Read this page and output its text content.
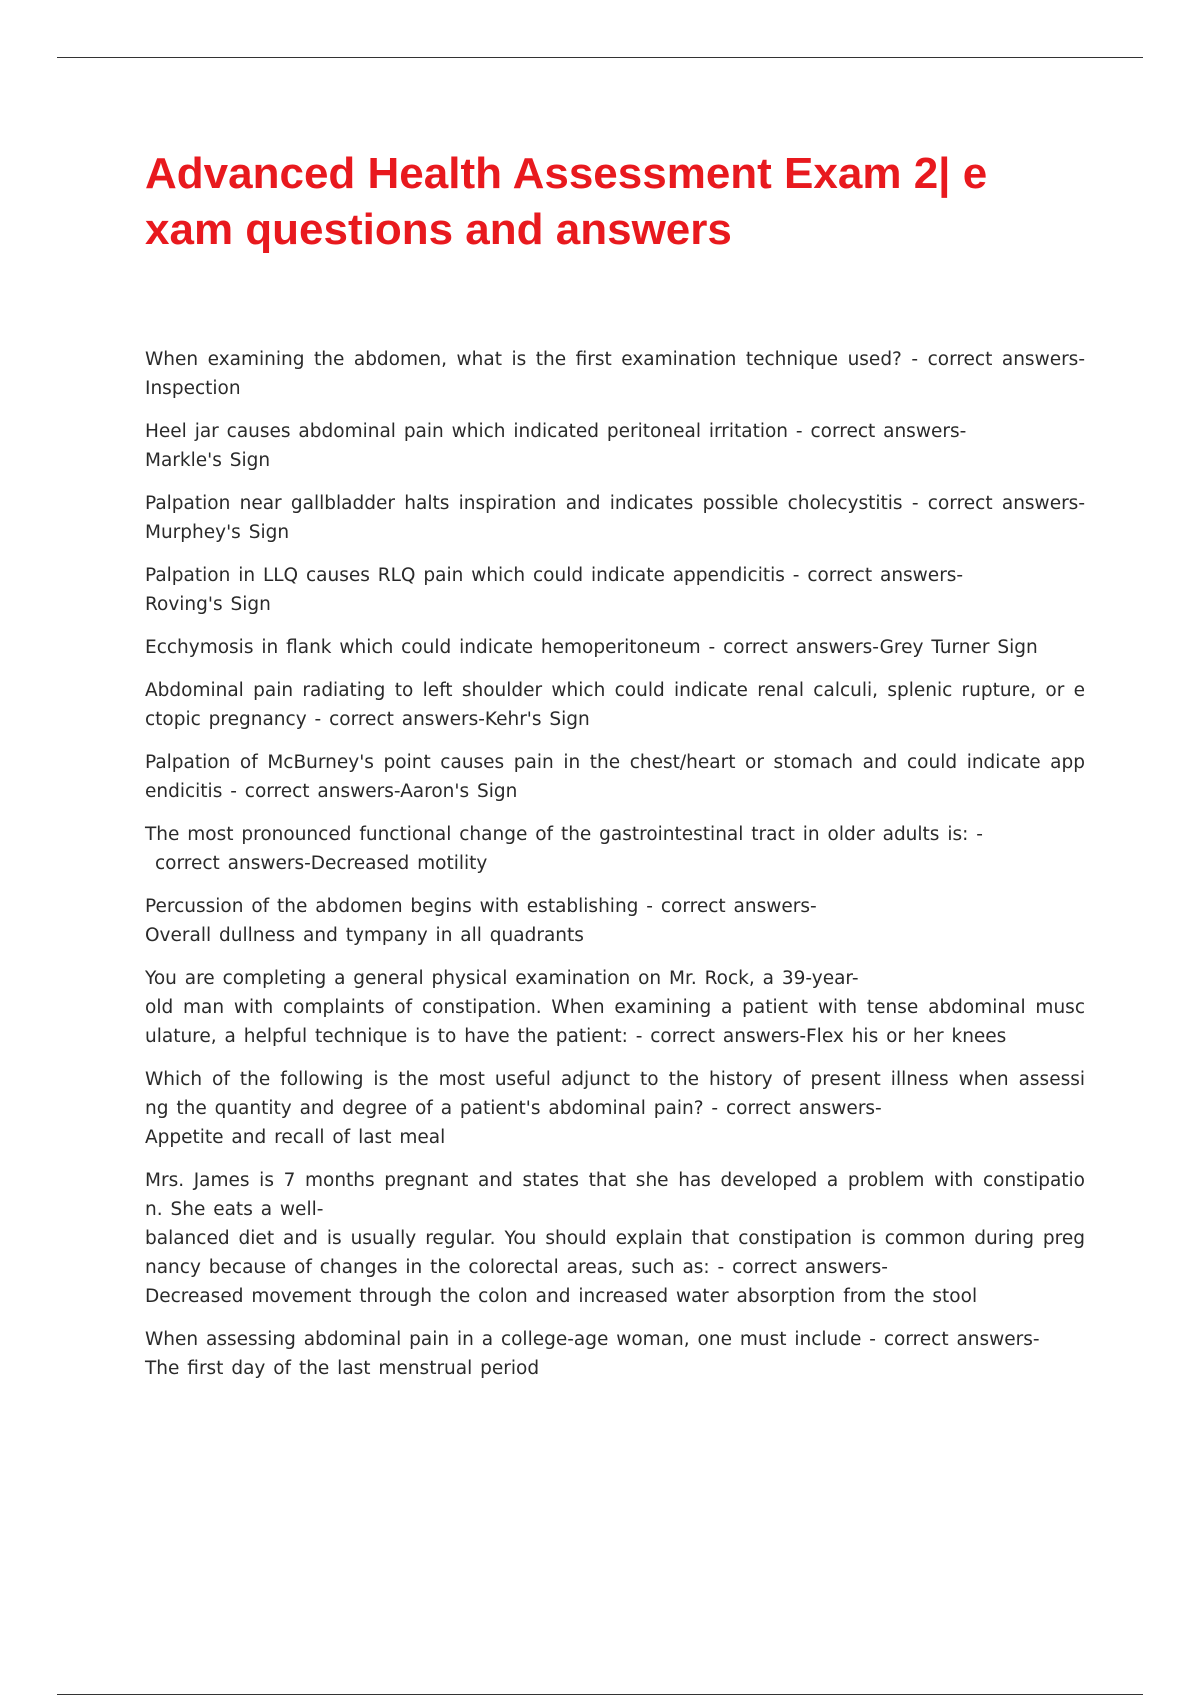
Advanced Health Assessment Exam 2| e
xam questions and answers
When examining the abdomen, what is the first examination technique used? - correct answers-
Inspection
Heel jar causes abdominal pain which indicated peritoneal irritation - correct answers-
Markle's Sign
Palpation near gallbladder halts inspiration and indicates possible cholecystitis - correct answers-
Murphey's Sign
Palpation in LLQ causes RLQ pain which could indicate appendicitis - correct answers-
Roving's Sign
Ecchymosis in flank which could indicate hemoperitoneum - correct answers-Grey Turner Sign
Abdominal pain radiating to left shoulder which could indicate renal calculi, splenic rupture, or e
ctopic pregnancy - correct answers-Kehr's Sign
Palpation of McBurney's point causes pain in the chest/heart or stomach and could indicate app
endicitis - correct answers-Aaron's Sign
The most pronounced functional change of the gastrointestinal tract in older adults is: -
correct answers-Decreased motility
Percussion of the abdomen begins with establishing - correct answers-
Overall dullness and tympany in all quadrants
You are completing a general physical examination on Mr. Rock, a 39-year-
old man with complaints of constipation. When examining a patient with tense abdominal musc
ulature, a helpful technique is to have the patient: - correct answers-Flex his or her knees
Which of the following is the most useful adjunct to the history of present illness when assessi
ng the quantity and degree of a patient's abdominal pain? - correct answers-
Appetite and recall of last meal
Mrs. James is 7 months pregnant and states that she has developed a problem with constipatio
n. She eats a well-
balanced diet and is usually regular. You should explain that constipation is common during preg
nancy because of changes in the colorectal areas, such as: - correct answers-
Decreased movement through the colon and increased water absorption from the stool
When assessing abdominal pain in a college-age woman, one must include - correct answers-
The first day of the last menstrual period
